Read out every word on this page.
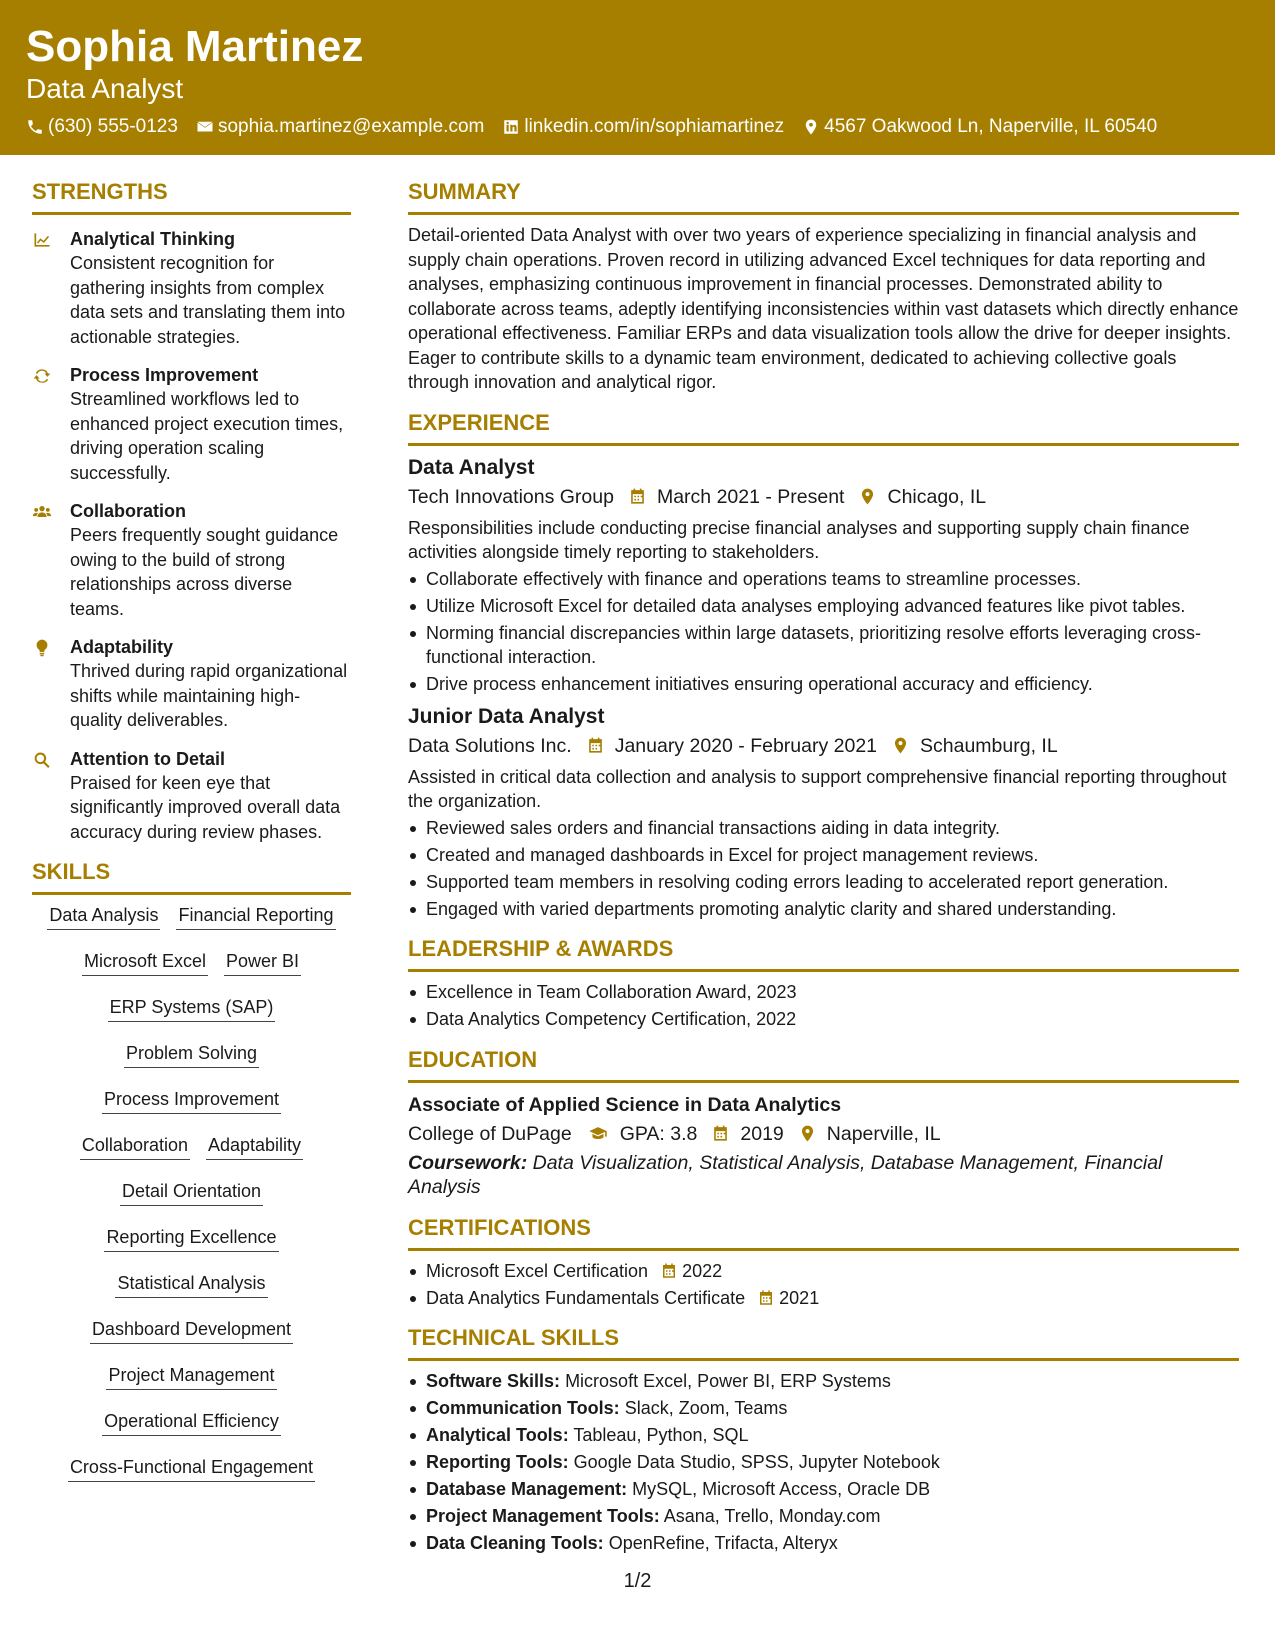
Sophia Martinez
Data Analyst
(630) 555-0123 sophia.martinez@example.com linkedin.com/in/sophiamartinez 4567 Oakwood Ln, Naperville, IL 60540
STRENGTHS
Analytical Thinking
Consistent recognition for gathering insights from complex data sets and translating them into actionable strategies.
Process Improvement
Streamlined workflows led to enhanced project execution times, driving operation scaling successfully.
Collaboration
Peers frequently sought guidance owing to the build of strong relationships across diverse teams.
Adaptability
Thrived during rapid organizational shifts while maintaining high-quality deliverables.
Attention to Detail
Praised for keen eye that significantly improved overall data accuracy during review phases.
SKILLS
Data Analysis Financial Reporting
Microsoft Excel Power BI
ERP Systems (SAP)
Problem Solving
Process Improvement
Collaboration Adaptability
Detail Orientation
Reporting Excellence
Statistical Analysis
Dashboard Development
Project Management
Operational Efficiency
Cross-Functional Engagement
SUMMARY
Detail-oriented Data Analyst with over two years of experience specializing in financial analysis and supply chain operations. Proven record in utilizing advanced Excel techniques for data reporting and analyses, emphasizing continuous improvement in financial processes. Demonstrated ability to collaborate across teams, adeptly identifying inconsistencies within vast datasets which directly enhance operational effectiveness. Familiar ERPs and data visualization tools allow the drive for deeper insights. Eager to contribute skills to a dynamic team environment, dedicated to achieving collective goals through innovation and analytical rigor.
EXPERIENCE
Data Analyst
Tech Innovations Group March 2021 - Present Chicago, IL
Responsibilities include conducting precise financial analyses and supporting supply chain finance activities alongside timely reporting to stakeholders.
Collaborate effectively with finance and operations teams to streamline processes.
Utilize Microsoft Excel for detailed data analyses employing advanced features like pivot tables.
Norming financial discrepancies within large datasets, prioritizing resolve efforts leveraging cross-functional interaction.
Drive process enhancement initiatives ensuring operational accuracy and efficiency.
Junior Data Analyst
Data Solutions Inc. January 2020 - February 2021 Schaumburg, IL
Assisted in critical data collection and analysis to support comprehensive financial reporting throughout the organization.
Reviewed sales orders and financial transactions aiding in data integrity.
Created and managed dashboards in Excel for project management reviews.
Supported team members in resolving coding errors leading to accelerated report generation.
Engaged with varied departments promoting analytic clarity and shared understanding.
LEADERSHIP & AWARDS
Excellence in Team Collaboration Award, 2023
Data Analytics Competency Certification, 2022
EDUCATION
Associate of Applied Science in Data Analytics
College of DuPage GPA: 3.8 2019 Naperville, IL
Coursework: Data Visualization, Statistical Analysis, Database Management, Financial Analysis
CERTIFICATIONS
Microsoft Excel Certification 2022
Data Analytics Fundamentals Certificate 2021
TECHNICAL SKILLS
Software Skills: Microsoft Excel, Power BI, ERP Systems
Communication Tools: Slack, Zoom, Teams
Analytical Tools: Tableau, Python, SQL
Reporting Tools: Google Data Studio, SPSS, Jupyter Notebook
Database Management: MySQL, Microsoft Access, Oracle DB
Project Management Tools: Asana, Trello, Monday.com
Data Cleaning Tools: OpenRefine, Trifacta, Alteryx
1/2
